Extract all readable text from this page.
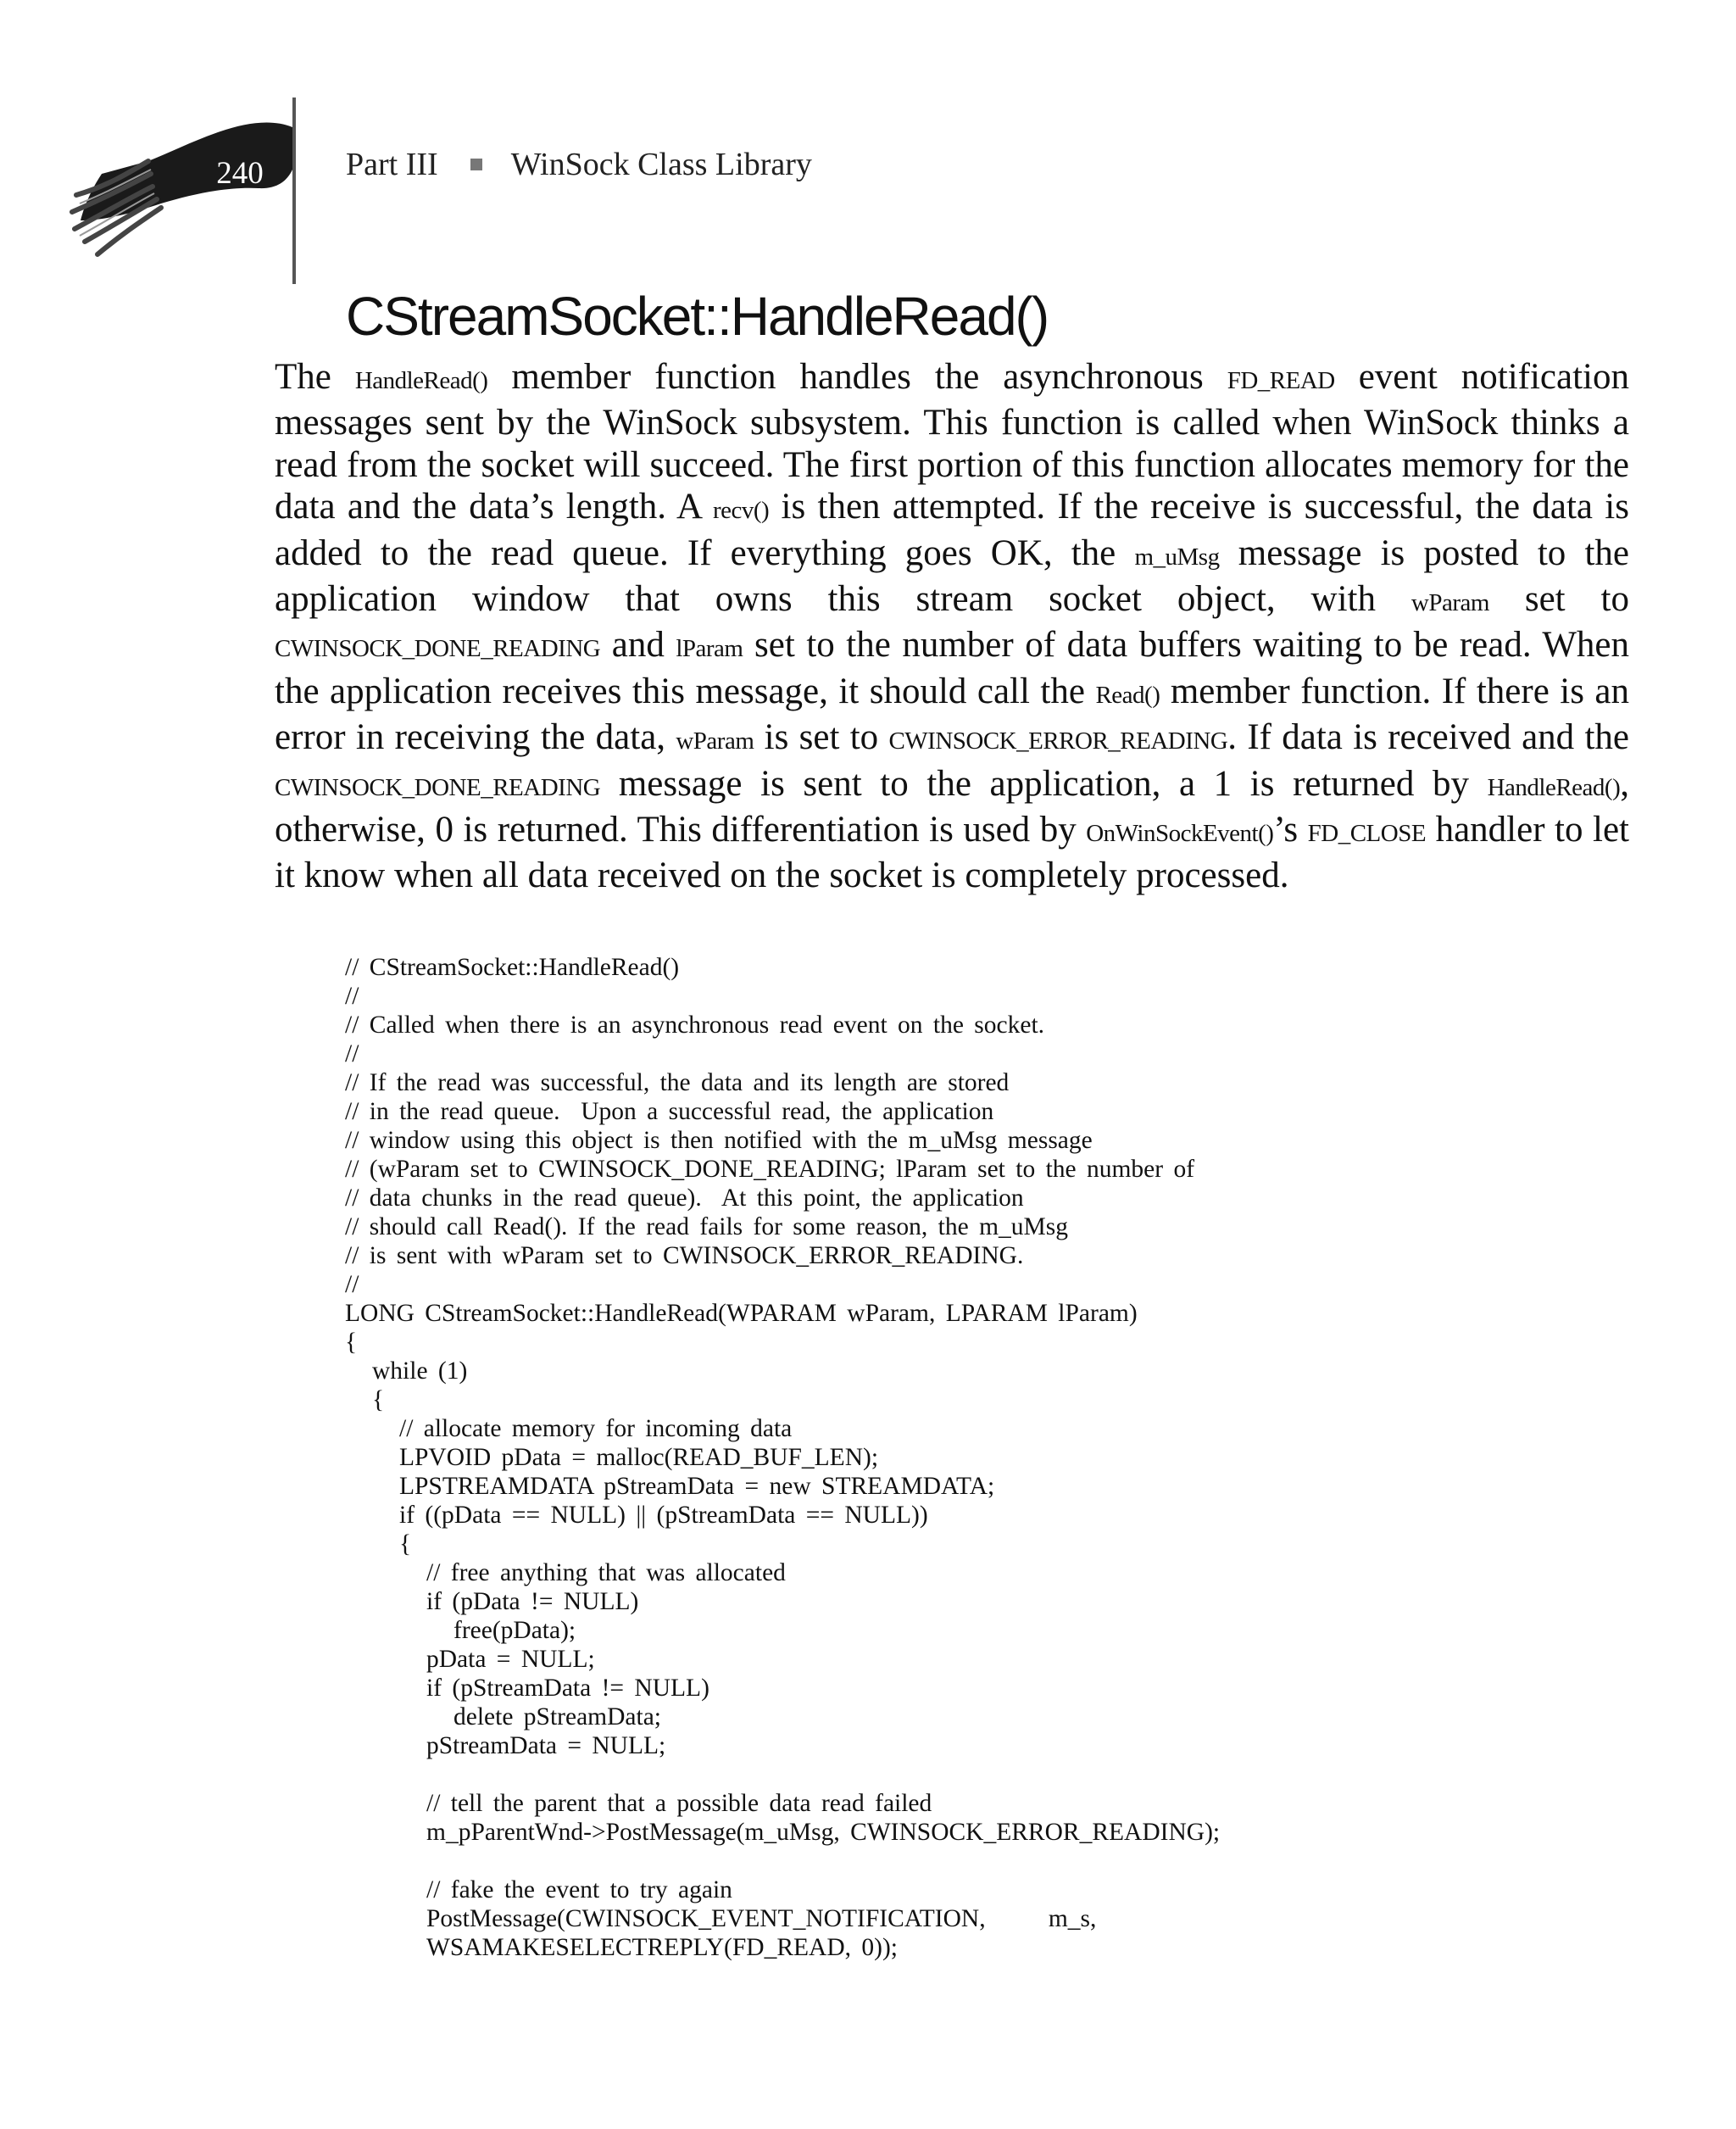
240	Part III WinSock Class Library
CStreamSocket::HandleRead()
The HandleRead() member function handles the asynchronous FD_READ event notification messages sent by the WinSock subsystem. This function is called when WinSock thinks a read from the socket will succeed. The first portion of this function allocates memory for the data and the data’s length. A recv() is then attempted. If the receive is successful, the data is added to the read queue. If everything goes OK, the m_uMsg message is posted to the application window that owns this stream socket object, with wParam set to CWINSOCK_DONE_READING and lParam set to the number of data buffers waiting to be read. When the application receives this message, it should call the Read() member function. If there is an error in receiving the data, wParam is set to CWINSOCK_ERROR_READING. If data is received and the CWINSOCK_DONE_READING message is sent to the application, a 1 is returned by HandleRead(), otherwise, 0 is returned. This differentiation is used by OnWinSockEvent()’s FD_CLOSE handler to let it know when all data received on the socket is completely processed.
// CStreamSocket::HandleRead()
//
// Called when there is an asynchronous read event on the socket.
//
// If the read was successful, the data and its length are stored
// in the read queue.  Upon a successful read, the application
// window using this object is then notified with the m_uMsg message
// (wParam set to CWINSOCK_DONE_READING; lParam set to the number of
// data chunks in the read queue).  At this point, the application
// should call Read(). If the read fails for some reason, the m_uMsg
// is sent with wParam set to CWINSOCK_ERROR_READING.
//
LONG CStreamSocket::HandleRead(WPARAM wParam, LPARAM lParam)
{
while (1)
{
// allocate memory for incoming data
LPVOID pData = malloc(READ_BUF_LEN);
LPSTREAMDATA pStreamData = new STREAMDATA;
if ((pData == NULL) || (pStreamData == NULL))
{
// free anything that was allocated
if (pData != NULL)
free(pData);
pData = NULL;
if (pStreamData != NULL)
delete pStreamData;
pStreamData = NULL;
// tell the parent that a possible data read failed
m_pParentWnd->PostMessage(m_uMsg, CWINSOCK_ERROR_READING);
// fake the event to try again
PostMessage(CWINSOCK_EVENT_NOTIFICATION,      m_s,
WSAMAKESELECTREPLY(FD_READ, 0));
